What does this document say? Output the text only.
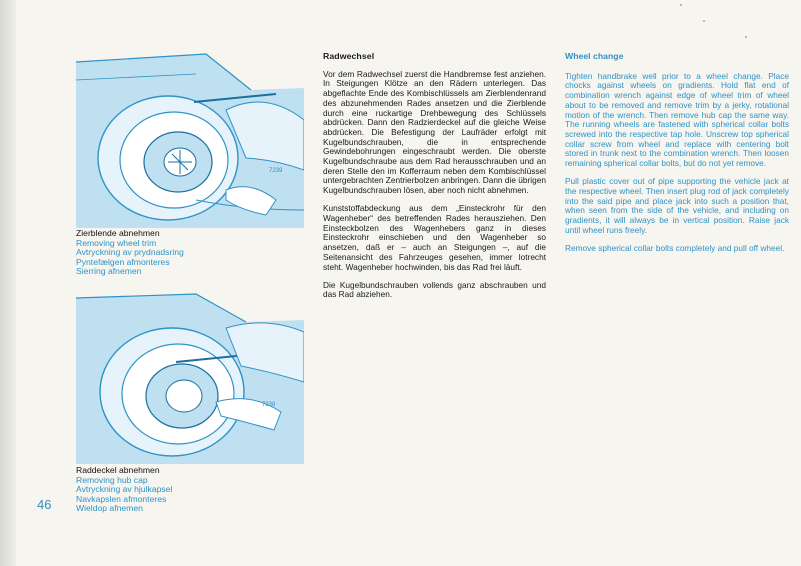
7239
Zierblende abnehmen
Removing wheel trim
Avtryckning av prydnadsring
Pyntefælgen afmonteres
Sierring afnemen
7238
Raddeckel abnehmen
Removing hub cap
Avtryckning av hjulkapsel
Navkapslen afmonteres
Wieldop afnemen
Radwechsel

Vor dem Radwechsel zuerst die Handbremse fest anziehen. In Steigungen Klötze an den Rädern unterlegen. Das abgeflachte Ende des Kombischlüssels am Zierblendenrand des abzunehmenden Rades ansetzen und die Zierblende durch eine ruckartige Drehbewegung des Schlüssels abdrücken. Dann den Radzierdeckel auf die gleiche Weise abdrücken. Die Befestigung der Laufräder erfolgt mit Kugelbundschrauben, die in entsprechende Gewindebohrungen eingeschraubt werden. Die oberste Kugelbundschraube aus dem Rad herausschrauben und an deren Stelle den im Kofferraum neben dem Kombischlüssel untergebrachten Zentrierbolzen anbringen. Dann die übrigen Kugelbundschrauben lösen, aber noch nicht abnehmen.

Kunststoffabdeckung aus dem „Einsteckrohr für den Wagenheber“ des betreffenden Rades herausziehen. Den Einsteckbolzen des Wagenhebers ganz in dieses Einsteckrohr einschieben und den Wagenheber so ansetzen, daß er – auch an Steigungen –, auf die Seitenansicht des Fahrzeuges gesehen, immer lotrecht steht. Wagenheber hochwinden, bis das Rad frei läuft.

Die Kugelbundschrauben vollends ganz abschrauben und das Rad abziehen.

Wheel change

Tighten handbrake well prior to a wheel change. Place chocks against wheels on gradients. Hold flat end of combination wrench against edge of wheel trim of wheel about to be removed and remove trim by a jerky, rotational motion of the wrench. Then remove hub cap the same way. The running wheels are fastened with spherical collar bolts screwed into the respective tap hole. Unscrew top spherical collar screw from wheel and replace with centering bolt stored in trunk next to the combination wrench. Then loosen remaining spherical collar bolts, but do not yet remove.

Pull plastic cover out of pipe supporting the vehicle jack at the respective wheel. Then insert plug rod of jack completely into the said pipe and place jack into such a position that, when seen from the side of the vehicle, and including on gradients, it will always be in vertical position. Raise jack until wheel runs freely.

Remove spherical collar bolts completely and pull off wheel.

46
